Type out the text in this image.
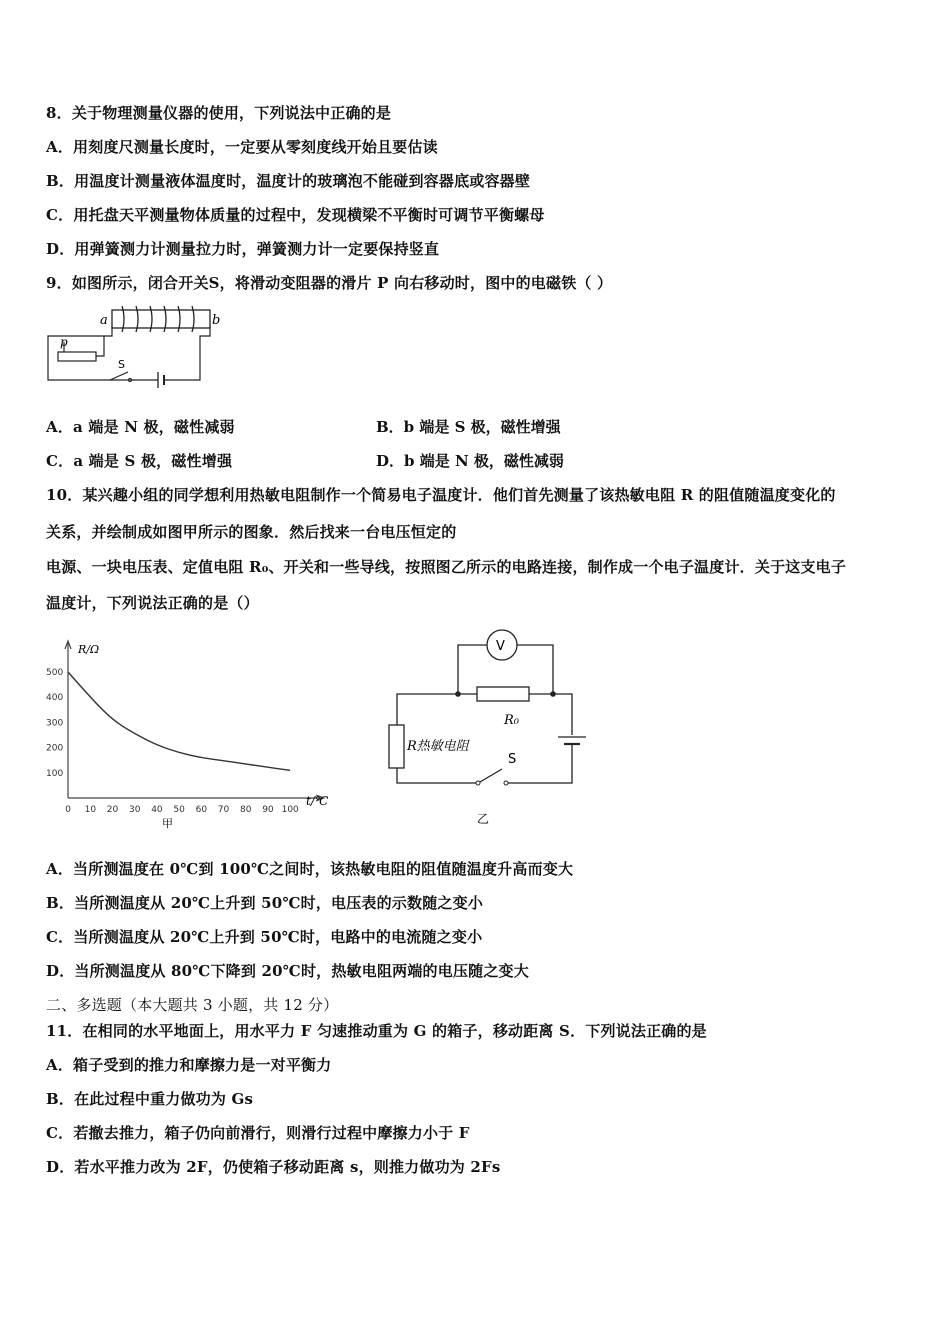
8．关于物理测量仪器的使用，下列说法中正确的是
A．用刻度尺测量长度时，一定要从零刻度线开始且要估读
B．用温度计测量液体温度时，温度计的玻璃泡不能碰到容器底或容器壁
C．用托盘天平测量物体质量的过程中，发现横梁不平衡时可调节平衡螺母
D．用弹簧测力计测量拉力时，弹簧测力计一定要保持竖直
9．如图所示，闭合开关S，将滑动变阻器的滑片 P 向右移动时，图中的电磁铁（ ）
a	b
p
S
A．a 端是 N 极，磁性减弱	B．b 端是 S 极，磁性增强
C．a 端是 S 极，磁性增强	D．b 端是 N 极，磁性减弱
10．某兴趣小组的同学想利用热敏电阻制作一个简易电子温度计．他们首先测量了该热敏电阻 R 的阻值随温度变化的
关系，并绘制成如图甲所示的图象．然后找来一台电压恒定的
电源、一块电压表、定值电阻 R₀、开关和一些导线，按照图乙所示的电路连接，制作成一个电子温度计．关于这支电子
温度计，下列说法正确的是（）
0 10 20 30 40 50 60 70 80 90 100
100
200
300
400
500
R/Ω
t/℃
甲
V
R₀
R热敏电阻
S
乙
A．当所测温度在 0℃到 100℃之间时，该热敏电阻的阻值随温度升高而变大
B．当所测温度从 20℃上升到 50℃时，电压表的示数随之变小
C．当所测温度从 20℃上升到 50℃时，电路中的电流随之变小
D．当所测温度从 80℃下降到 20℃时，热敏电阻两端的电压随之变大
二、多选题（本大题共 3 小题，共 12 分）
11．在相同的水平地面上，用水平力 F 匀速推动重为 G 的箱子，移动距离 S．下列说法正确的是
A．箱子受到的推力和摩擦力是一对平衡力
B．在此过程中重力做功为 Gs
C．若撤去推力，箱子仍向前滑行，则滑行过程中摩擦力小于 F
D．若水平推力改为 2F，仍使箱子移动距离 s，则推力做功为 2Fs
